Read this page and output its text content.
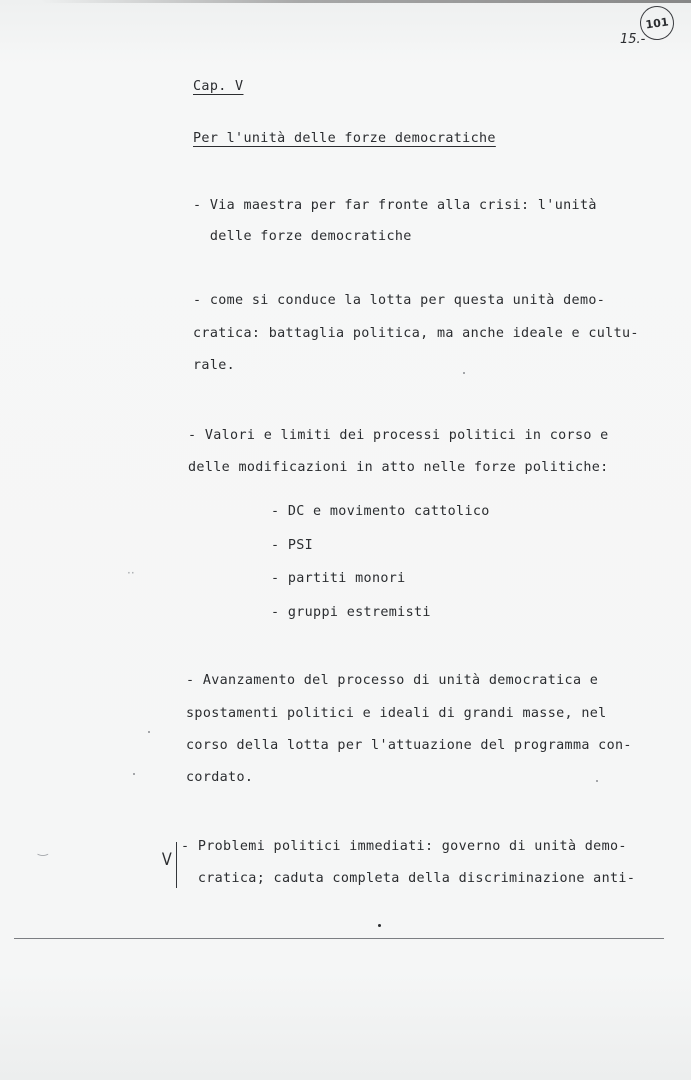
101
15.-
Cap. V
Per l'unità delle forze democratiche
- Via maestra per far fronte alla crisi: l'unità
delle forze democratiche
- come si conduce la lotta per questa unità demo-
cratica: battaglia politica, ma anche ideale e cultu-
rale.
- Valori e limiti dei processi politici in corso e
delle modificazioni in atto nelle forze politiche:
- DC e movimento cattolico
- PSI
- partiti monori
- gruppi estremisti
- Avanzamento del processo di unità democratica e
spostamenti politici e ideali di grandi masse, nel
corso della lotta per l'attuazione del programma con-
cordato.
V
- Problemi politici immediati: governo di unità demo-
cratica; caduta completa della discriminazione anti-
‿
··
